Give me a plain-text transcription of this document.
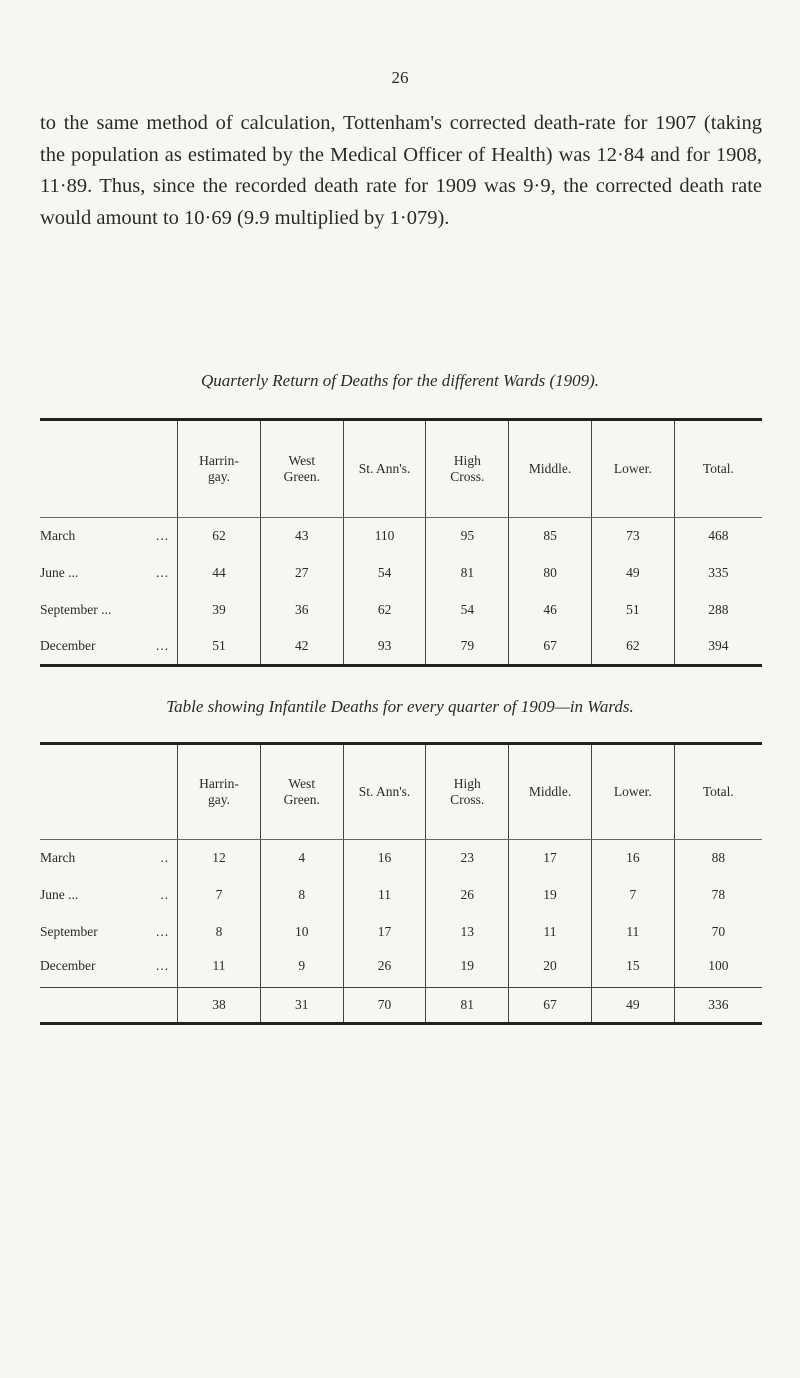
26

to the same method of calculation, Tottenham's corrected death-rate for 1907 (taking the population as estimated by the Medical Officer of Health) was 12·84 and for 1908, 11·89. Thus, since the recorded death rate for 1909 was 9·9, the corrected death rate would amount to 10·69 (9.9 multiplied by 1·079).

Quarterly Return of Deaths for the different Wards (1909).
	Harrin-
gay.	West
Green.	St. Ann's.	High
Cross.	Middle.	Lower.	Total.

...
March	62	43	110	95	85	73	468

...
June ...	44	27	54	81	80	49	335

September ...	39	36	62	54	46	51	288

...
December	51	42	93	79	67	62	394
Table showing Infantile Deaths for every quarter of 1909—in Wards.
	Harrin-
gay.	West
Green.	St. Ann's.	High
Cross.	Middle.	Lower.	Total.

..
March	12	4	16	23	17	16	88

..
June ...	7	8	11	26	19	7	78

...
September	8	10	17	13	11	11	70

...
December	11	9	26	19	20	15	100
	38	31	70	81	67	49	336
